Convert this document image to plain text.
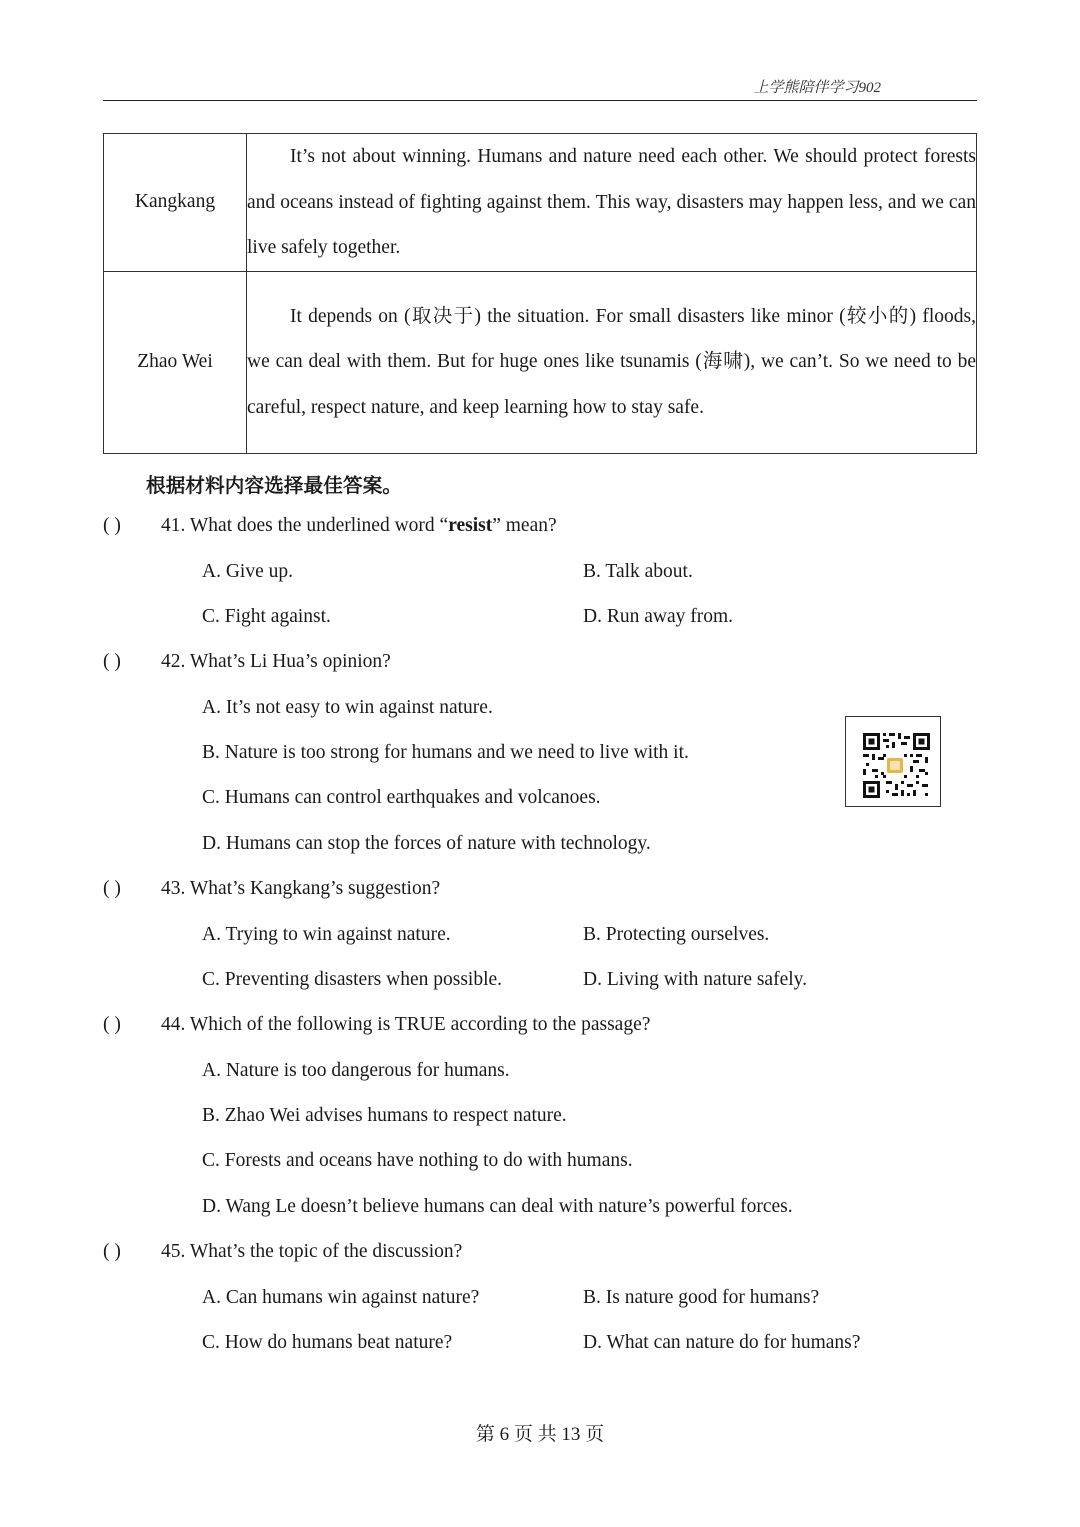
上学熊陪伴学习902
Kangkang	It’s not about winning. Humans and nature need each other. We should protect forests and oceans instead of fighting against them. This way, disasters may happen less, and we can live safely together.

Zhao Wei	It depends on (取决于) the situation. For small disasters like minor (较小的) floods, we can deal with them. But for huge ones like tsunamis (海啸), we can’t. So we need to be careful, respect nature, and keep learning how to stay safe.

根据材料内容选择最佳答案。
( ) 41. What does the underlined word “resist” mean?
A. Give up.	B. Talk about.
C. Fight against.	D. Run away from.
( ) 42. What’s Li Hua’s opinion?
A. It’s not easy to win against nature.
B. Nature is too strong for humans and we need to live with it.
C. Humans can control earthquakes and volcanoes.
D. Humans can stop the forces of nature with technology.
( ) 43. What’s Kangkang’s suggestion?
A. Trying to win against nature.	B. Protecting ourselves.
C. Preventing disasters when possible.	D. Living with nature safely.
( ) 44. Which of the following is TRUE according to the passage?
A. Nature is too dangerous for humans.
B. Zhao Wei advises humans to respect nature.
C. Forests and oceans have nothing to do with humans.
D. Wang Le doesn’t believe humans can deal with nature’s powerful forces.
( ) 45. What’s the topic of the discussion?
A. Can humans win against nature?	B. Is nature good for humans?
C. How do humans beat nature?	D. What can nature do for humans?
第 6 页 共 13 页
